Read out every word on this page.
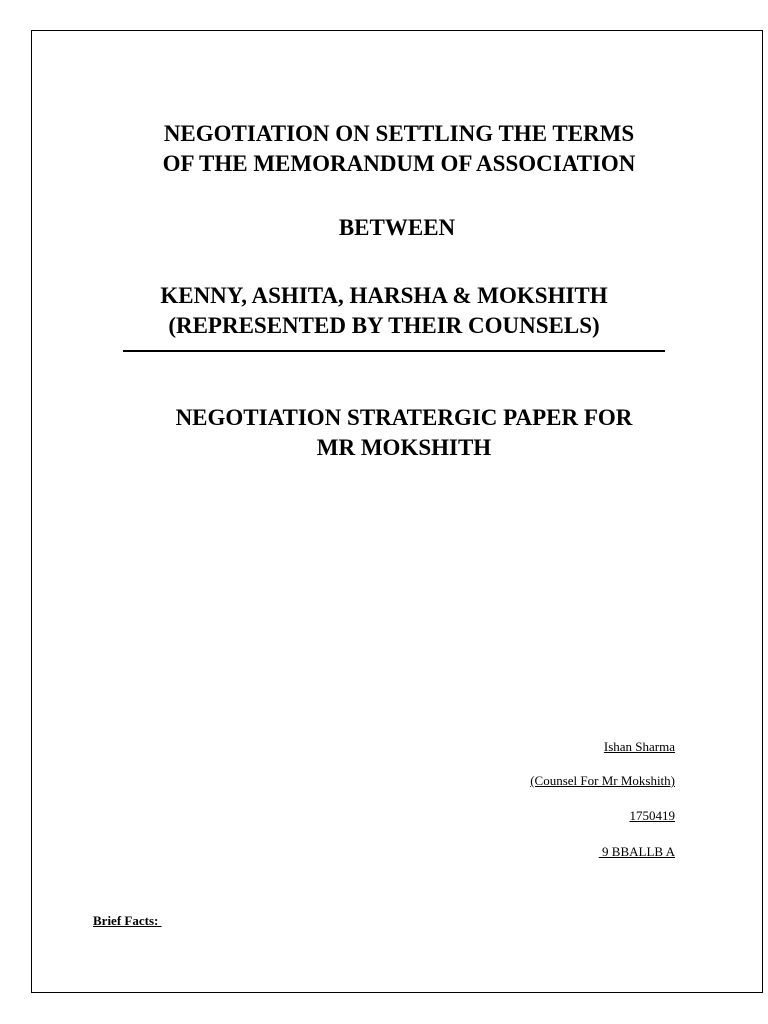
NEGOTIATION ON SETTLING THE TERMS
OF THE MEMORANDUM OF ASSOCIATION
BETWEEN
KENNY, ASHITA, HARSHA & MOKSHITH
(REPRESENTED BY THEIR COUNSELS)
NEGOTIATION STRATERGIC PAPER FOR
MR MOKSHITH
Ishan Sharma
(Counsel For Mr Mokshith)
1750419
9 BBALLB A
Brief Facts:
